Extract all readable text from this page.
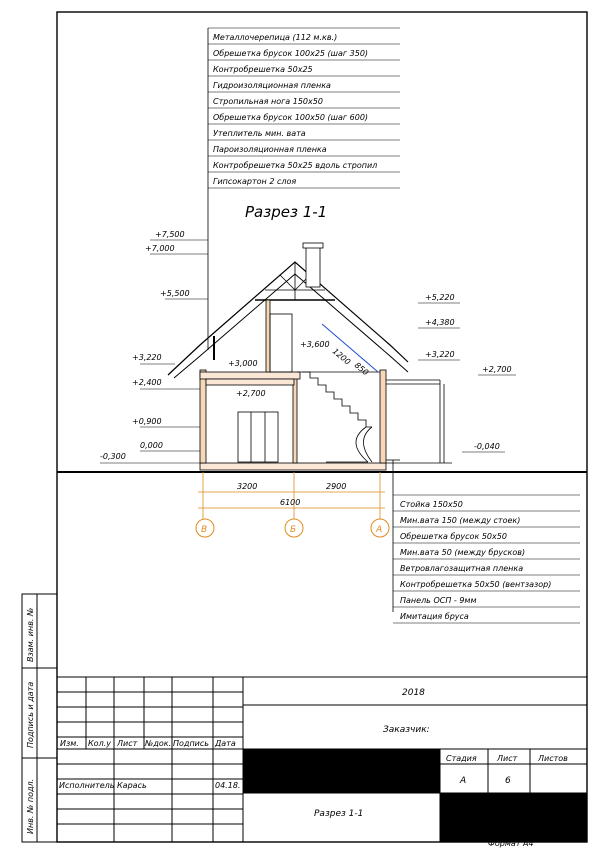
Металлочерепица (112 м.кв.)
Обрешетка брусок 100х25 (шаг 350)
Контробрешетка 50х25
Гидроизоляционная пленка
Стропильная нога 150х50
Обрешетка брусок 100х50 (шаг 600)
Утеплитель мин. вата
Пароизоляционная пленка
Контробрешетка 50х25 вдоль стропил
Гипсокартон 2 слоя
Разрез 1-1
1200
850
+7,500
+7,000
+5,500
+3,220
+2,400
+0,900
0,000
-0,300
+3,000
+2,700
+3,600
+5,220
+4,380
+3,220
+2,700
-0,040
3200	2900
6100
В	Б	А
Стойка 150х50
Мин.вата 150 (между стоек)
Обрешетка брусок 50х50
Мин.вата 50 (между брусков)
Ветровлагозащитная пленка
Контробрешетка 50х50 (вентзазор)
Панель ОСП - 9мм
Имитация бруса
Взам. инв. №
Подпись и дата
Инв. № подл.
2018
Заказчик:
Изм. Кол.у Лист №док. Подпись Дата
Исполнитель Карась	04.18.
Стадия	Лист	Листов
А	6
Разрез 1-1
Формат А4
